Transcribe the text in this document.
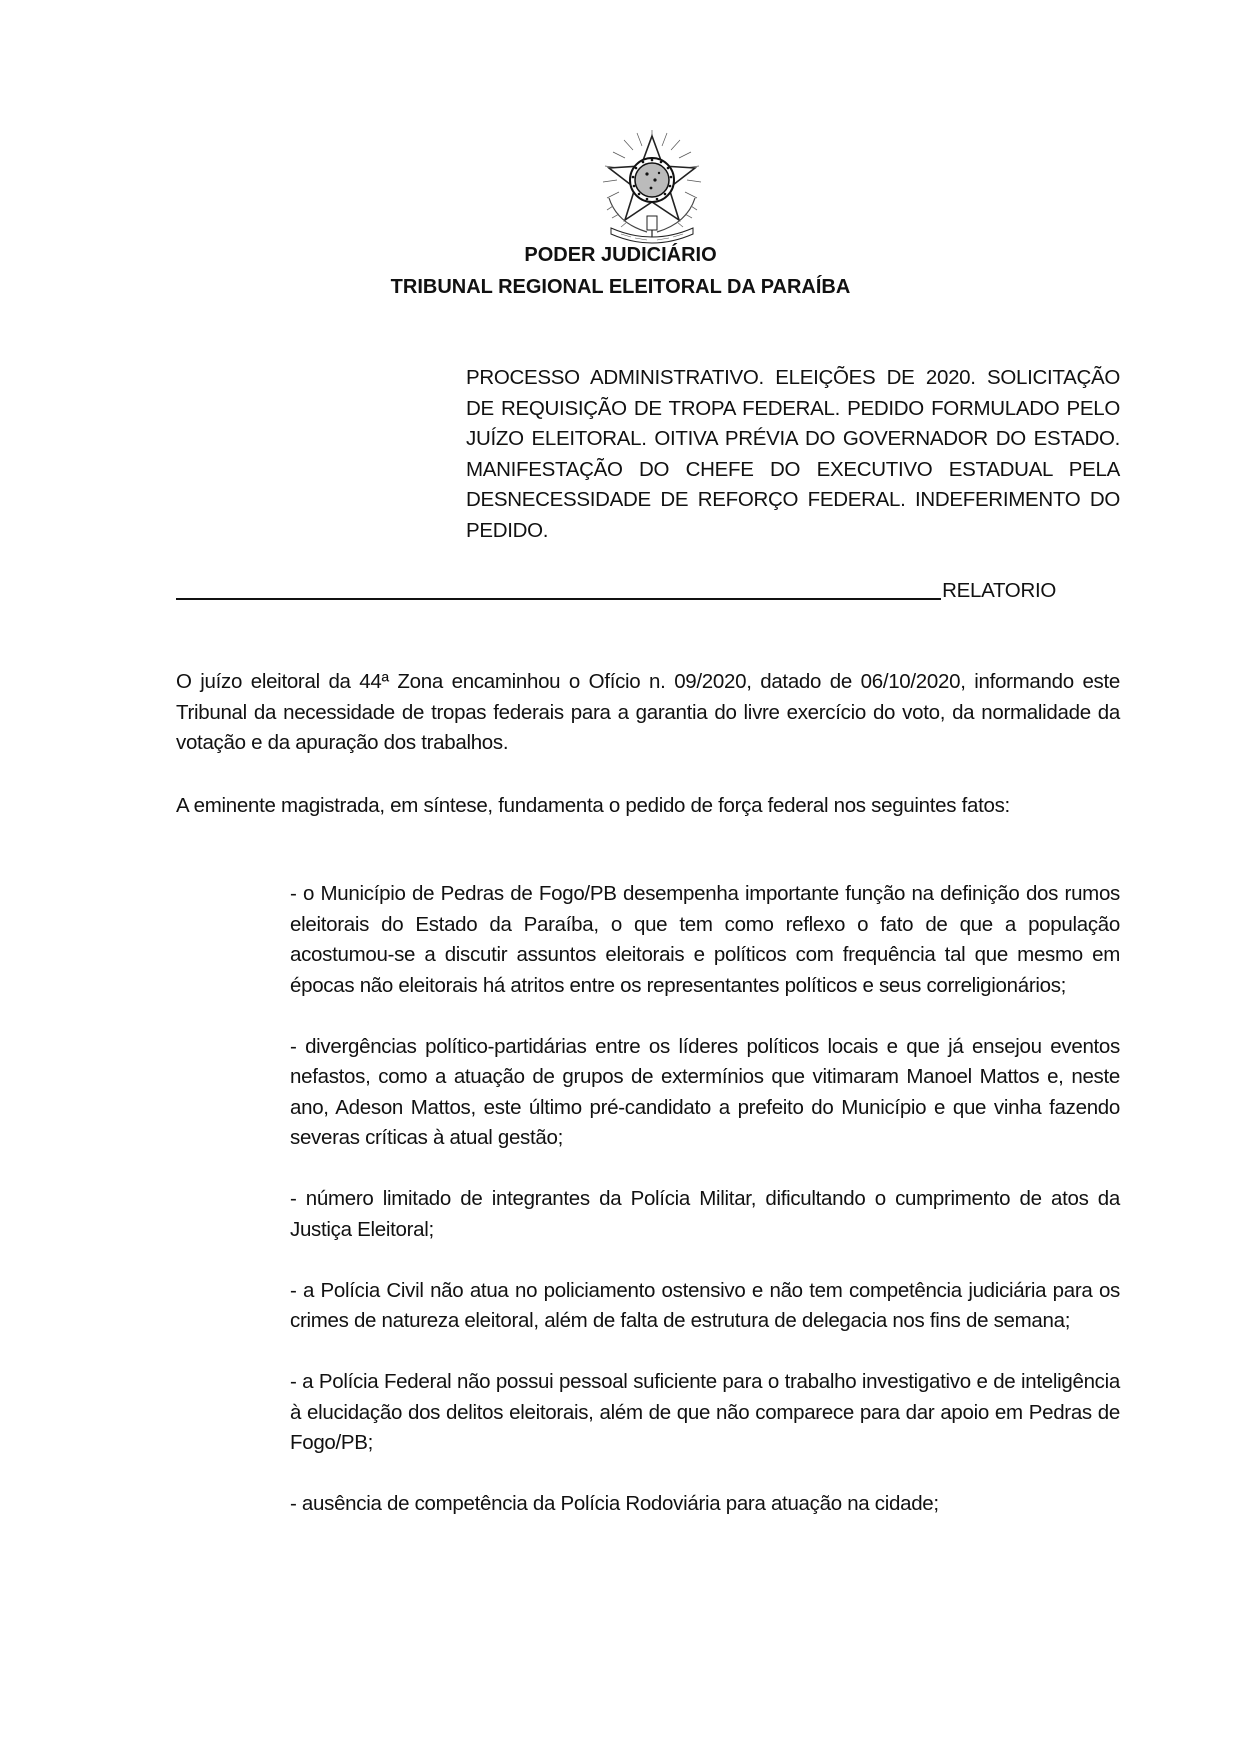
PODER JUDICIÁRIO
TRIBUNAL REGIONAL ELEITORAL DA PARAÍBA

PROCESSO ADMINISTRATIVO. ELEIÇÕES DE 2020. SOLICITAÇÃO DE REQUISIÇÃO DE TROPA FEDERAL. PEDIDO FORMULADO PELO JUÍZO ELEITORAL. OITIVA PRÉVIA DO GOVERNADOR DO ESTADO. MANIFESTAÇÃO DO CHEFE DO EXECUTIVO ESTADUAL PELA DESNECESSIDADE DE REFORÇO FEDERAL. INDEFERIMENTO DO PEDIDO.

RELATORIO

O juízo eleitoral da 44ª Zona encaminhou o Ofício n. 09/2020, datado de 06/10/2020, informando este Tribunal da necessidade de tropas federais para a garantia do livre exercício do voto, da normalidade da votação e da apuração dos trabalhos.

A eminente magistrada, em síntese, fundamenta o pedido de força federal nos seguintes fatos:

- o Município de Pedras de Fogo/PB desempenha importante função na definição dos rumos eleitorais do Estado da Paraíba, o que tem como reflexo o fato de que a população acostumou-se a discutir assuntos eleitorais e políticos com frequência tal que mesmo em épocas não eleitorais há atritos entre os representantes políticos e seus correligionários;
- divergências político-partidárias entre os líderes políticos locais e que já ensejou eventos nefastos, como a atuação de grupos de extermínios que vitimaram Manoel Mattos e, neste ano, Adeson Mattos, este último pré-candidato a prefeito do Município e que vinha fazendo severas críticas à atual gestão;
- número limitado de integrantes da Polícia Militar, dificultando o cumprimento de atos da Justiça Eleitoral;
- a Polícia Civil não atua no policiamento ostensivo e não tem competência judiciária para os crimes de natureza eleitoral, além de falta de estrutura de delegacia nos fins de semana;
- a Polícia Federal não possui pessoal suficiente para o trabalho investigativo e de inteligência à elucidação dos delitos eleitorais, além de que não comparece para dar apoio em Pedras de Fogo/PB;
- ausência de competência da Polícia Rodoviária para atuação na cidade;
